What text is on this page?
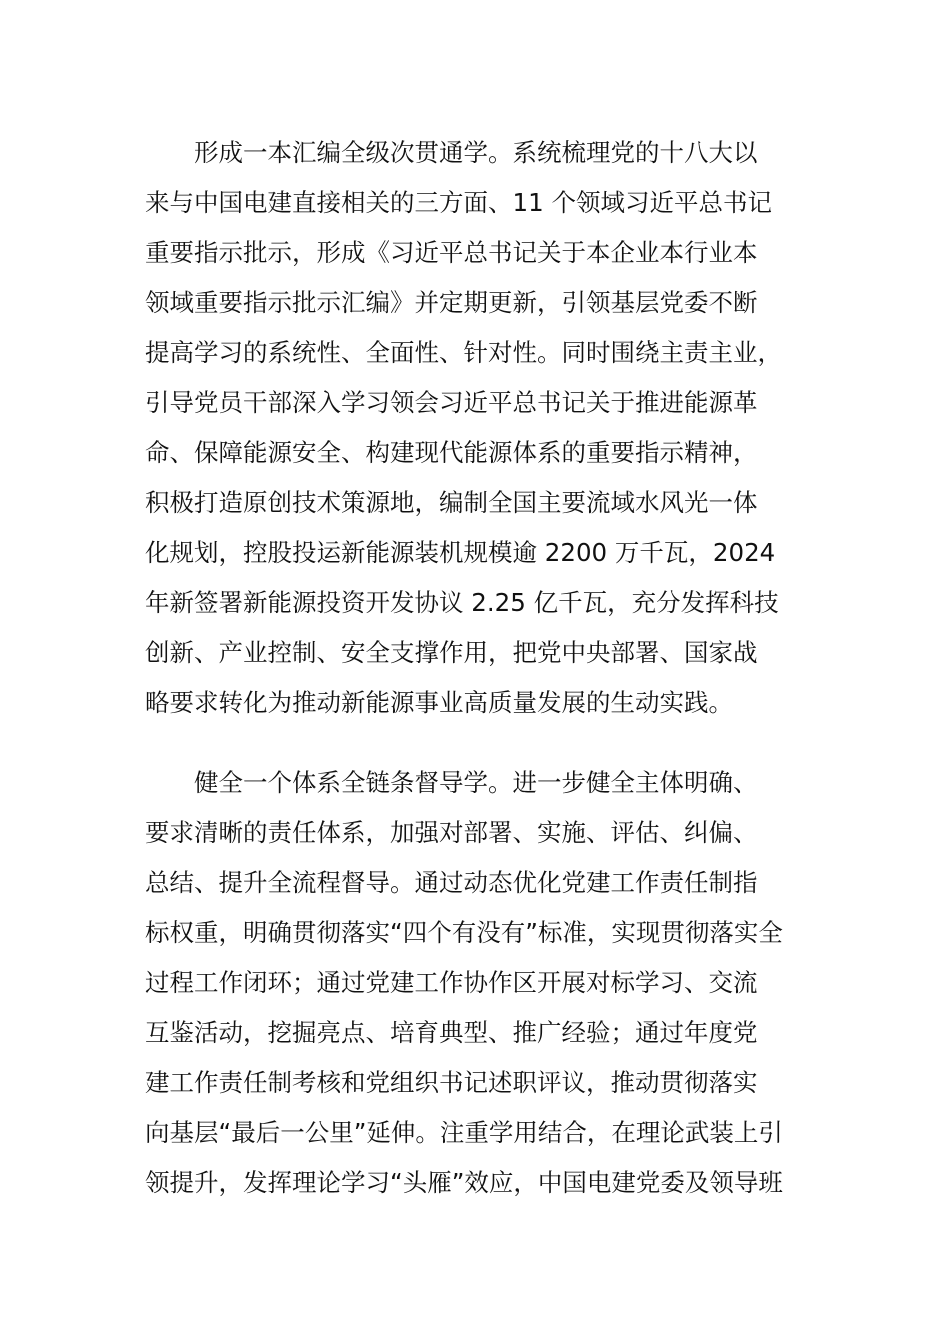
　　形成一本汇编全级次贯通学。系统梳理党的十八大以
来与中国电建直接相关的三方面、11 个领域习近平总书记
重要指示批示，形成《习近平总书记关于本企业本行业本
领域重要指示批示汇编》并定期更新，引领基层党委不断
提高学习的系统性、全面性、针对性。同时围绕主责主业，
引导党员干部深入学习领会习近平总书记关于推进能源革
命、保障能源安全、构建现代能源体系的重要指示精神，
积极打造原创技术策源地，编制全国主要流域水风光一体
化规划，控股投运新能源装机规模逾 2200 万千瓦，2024
年新签署新能源投资开发协议 2.25 亿千瓦，充分发挥科技
创新、产业控制、安全支撑作用，把党中央部署、国家战
略要求转化为推动新能源事业高质量发展的生动实践。
　　健全一个体系全链条督导学。进一步健全主体明确、
要求清晰的责任体系，加强对部署、实施、评估、纠偏、
总结、提升全流程督导。通过动态优化党建工作责任制指
标权重，明确贯彻落实“四个有没有”标准，实现贯彻落实全
过程工作闭环；通过党建工作协作区开展对标学习、交流
互鉴活动，挖掘亮点、培育典型、推广经验；通过年度党
建工作责任制考核和党组织书记述职评议，推动贯彻落实
向基层“最后一公里”延伸。注重学用结合，在理论武装上引
领提升，发挥理论学习“头雁”效应，中国电建党委及领导班
